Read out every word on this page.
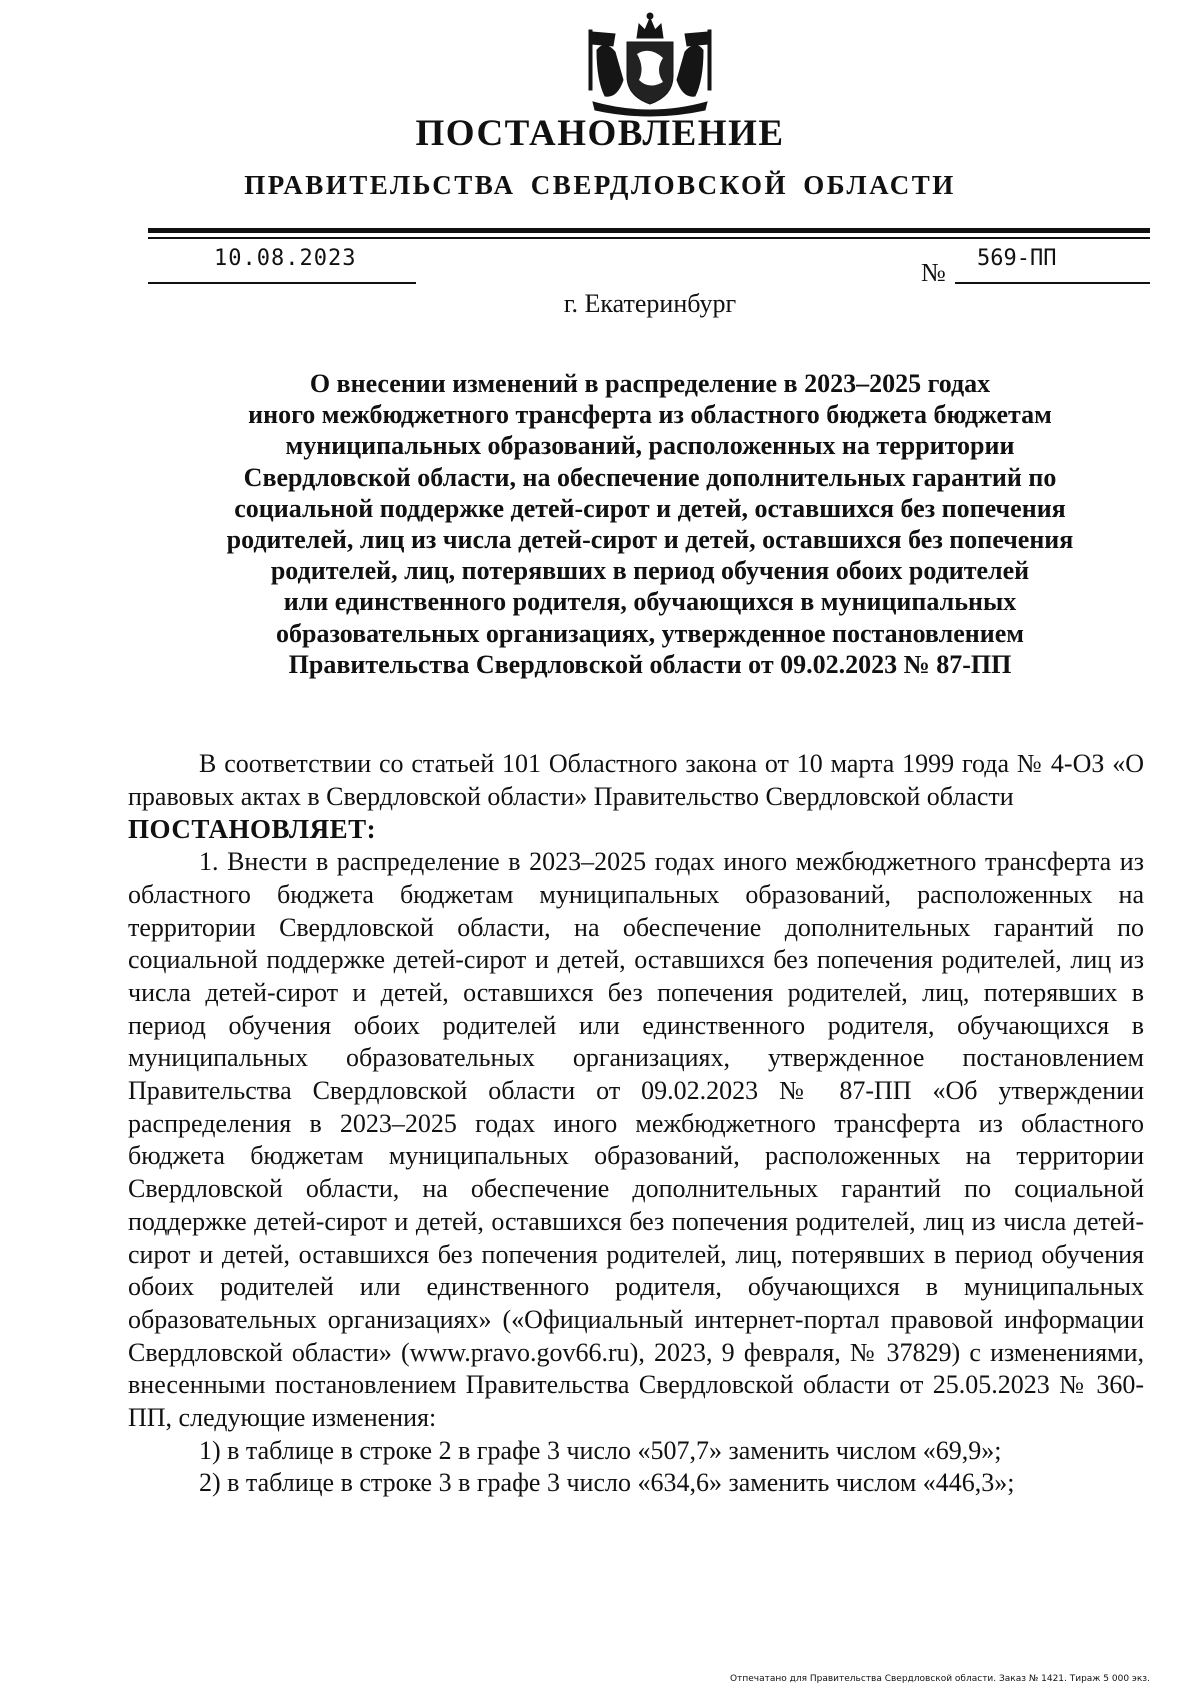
ПОСТАНОВЛЕНИЕ
ПРАВИТЕЛЬСТВА СВЕРДЛОВСКОЙ ОБЛАСТИ
10.08.2023	№ 569-ПП
г. Екатеринбург
О внесении изменений в распределение в 2023–2025 годах
иного межбюджетного трансферта из областного бюджета бюджетам
муниципальных образований, расположенных на территории
Свердловской области, на обеспечение дополнительных гарантий по
социальной поддержке детей-сирот и детей, оставшихся без попечения
родителей, лиц из числа детей-сирот и детей, оставшихся без попечения
родителей, лиц, потерявших в период обучения обоих родителей
или единственного родителя, обучающихся в муниципальных
образовательных организациях, утвержденное постановлением
Правительства Свердловской области от 09.02.2023 № 87-ПП

В соответствии со статьей 101 Областного закона от 10 марта 1999 года № 4-ОЗ «О правовых актах в Свердловской области» Правительство Свердловской области

ПОСТАНОВЛЯЕТ:

1. Внести в распределение в 2023–2025 годах иного межбюджетного трансферта из областного бюджета бюджетам муниципальных образований, расположенных на территории Свердловской области, на обеспечение дополнительных гарантий по социальной поддержке детей-сирот и детей, оставшихся без попечения родителей, лиц из числа детей-сирот и детей, оставшихся без попечения родителей, лиц, потерявших в период обучения обоих родителей или единственного родителя, обучающихся в муниципальных образовательных организациях, утвержденное постановлением Правительства Свердловской области от 09.02.2023 № 87-ПП «Об утверждении распределения в 2023–2025 годах иного межбюджетного трансферта из областного бюджета бюджетам муниципальных образований, расположенных на территории Свердловской области, на обеспечение дополнительных гарантий по социальной поддержке детей-сирот и детей, оставшихся без попечения родителей, лиц из числа детей-сирот и детей, оставшихся без попечения родителей, лиц, потерявших в период обучения обоих родителей или единственного родителя, обучающихся в муниципальных образовательных организациях» («Официальный интернет-портал правовой информации Свердловской области» (www.pravo.gov66.ru), 2023, 9 февраля, № 37829) с изменениями, внесенными постановлением Правительства Свердловской области от 25.05.2023 № 360-ПП, следующие изменения:

1) в таблице в строке 2 в графе 3 число «507,7» заменить числом «69,9»;

2) в таблице в строке 3 в графе 3 число «634,6» заменить числом «446,3»;

Отпечатано для Правительства Свердловской области. Заказ № 1421. Тираж 5 000 экз.
